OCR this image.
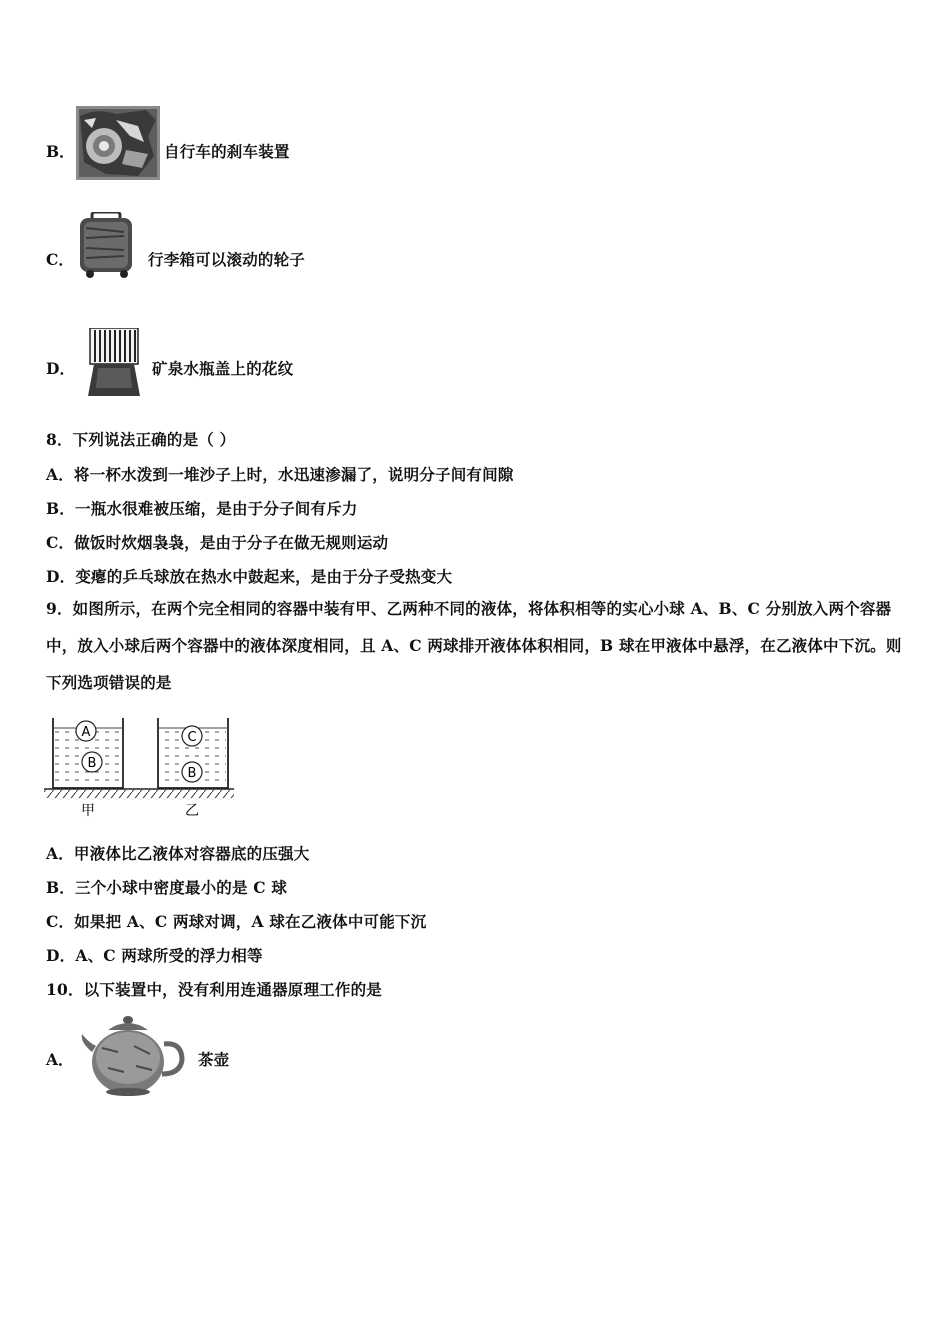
B．	自行车的刹车装置
C．	行李箱可以滚动的轮子
D．	矿泉水瓶盖上的花纹
8．下列说法正确的是（ ）
A．将一杯水泼到一堆沙子上时，水迅速渗漏了，说明分子间有间隙
B．一瓶水很难被压缩，是由于分子间有斥力
C．做饭时炊烟袅袅，是由于分子在做无规则运动
D．变瘪的乒乓球放在热水中鼓起来，是由于分子受热变大
9．如图所示，在两个完全相同的容器中装有甲、乙两种不同的液体，将体积相等的实心小球 A、B、C 分别放入两个容器中，放入小球后两个容器中的液体深度相同，且 A、C 两球排开液体体积相同，B 球在甲液体中悬浮，在乙液体中下沉。则下列选项错误的是
A
B
C
B
甲	乙
A．甲液体比乙液体对容器底的压强大
B．三个小球中密度最小的是 C 球
C．如果把 A、C 两球对调，A 球在乙液体中可能下沉
D．A、C 两球所受的浮力相等
10．以下装置中，没有利用连通器原理工作的是
A．	茶壶
